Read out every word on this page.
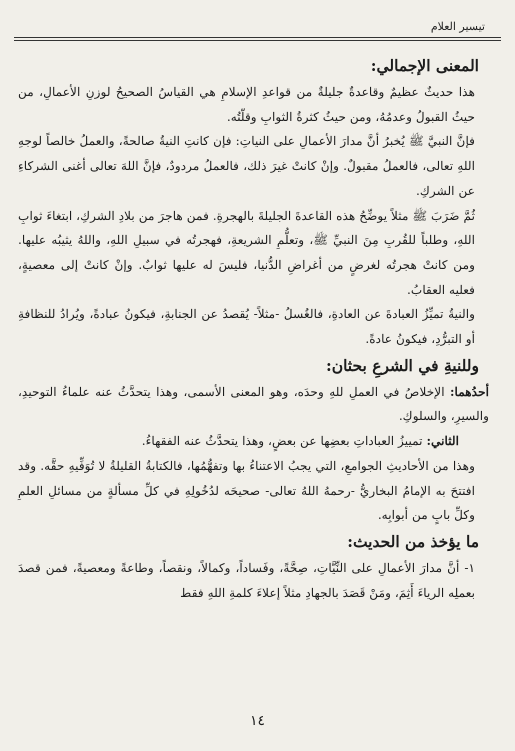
تيسير العلام
المعنى الإجمالي:
هذا حديثٌ عظيمٌ وقاعدةٌ جليلةٌ من قواعدِ الإسلامِ هي القياسُ الصحيحُ لوزنِ الأعمالِ، من حيثُ القبولُ وعدمُهُ، ومن حيثُ كثرةُ الثوابِ وقلّتُه.
فإنَّ النبيَّ ﷺ يُخبرُ أنَّ مدارَ الأعمالِ على النياتِ: فإن كانتِ النيةُ صالحةً، والعملُ خالصاً لوجهِ اللهِ تعالى، فالعملُ مقبولٌ. وإنْ كانتْ غيرَ ذلك، فالعملُ مردودٌ، فإنَّ اللهَ تعالى أغنى الشركاءِ عن الشركِ.
ثُمَّ ضَرَبَ ﷺ مثلاً يوضِّحُ هذه القاعدةَ الجليلةَ بالهجرةِ. فمن هاجرَ من بلادِ الشركِ، ابتغاءَ ثوابِ اللهِ، وطلباً للقُربِ مِنَ النبيِّ ﷺ، وتعلُّمِ الشريعةِ، فهجرتُه في سبيلِ اللهِ، واللهُ يثيبُه عليها. ومن كانتْ هجرتُه لغرضٍ من أغراضِ الدُّنيا، فليسَ له عليها ثوابٌ. وإنْ كانتْ إلى معصيةٍ، فعليه العقابُ.
والنيةُ تميِّزُ العبادةَ عن العادةِ، فالغُسلُ -مثلاً- يُقصدُ عن الجنابةِ، فيكونُ عبادةً، ويُرادُ للنظافةِ أو التبرُّدِ، فيكونُ عادةً.
وللنيةِ في الشرعِ بحثان:
أحدُهما: الإخلاصُ في العملِ للهِ وحدَه، وهو المعنى الأسمى، وهذا يتحدَّثُ عنه علماءُ التوحيدِ، والسيرِ، والسلوكِ.
الثاني: تمييزُ العباداتِ بعضِها عن بعضٍ، وهذا يتحدَّثُ عنه الفقهاءُ.
وهذا من الأحاديثِ الجوامعِ، التي يجبُ الاعتناءُ بها وتفهُّمُها، فالكتابةُ القليلةُ لا تُوَفِّيهِ حقَّه. وقد افتتحَ به الإمامُ البخاريُّ -رحمهُ اللهُ تعالى- صحيحَه لدُخُولِهِ في كلِّ مسألةٍ من مسائلِ العلمِ وكلِّ بابٍ من أبوابِه.
ما يؤخذ من الحديث:
١- أنَّ مدارَ الأعمالِ على النِّيَّاتِ، صِحَّةً، وفَساداً، وكمالاً، ونقصاً، وطاعةً ومعصيةً، فمن قصدَ بعملِه الرياءَ أَثِمَ، ومَنْ قَصَدَ بالجهادِ مثلاً إعلاءَ كلمةِ اللهِ فقط
١٤
